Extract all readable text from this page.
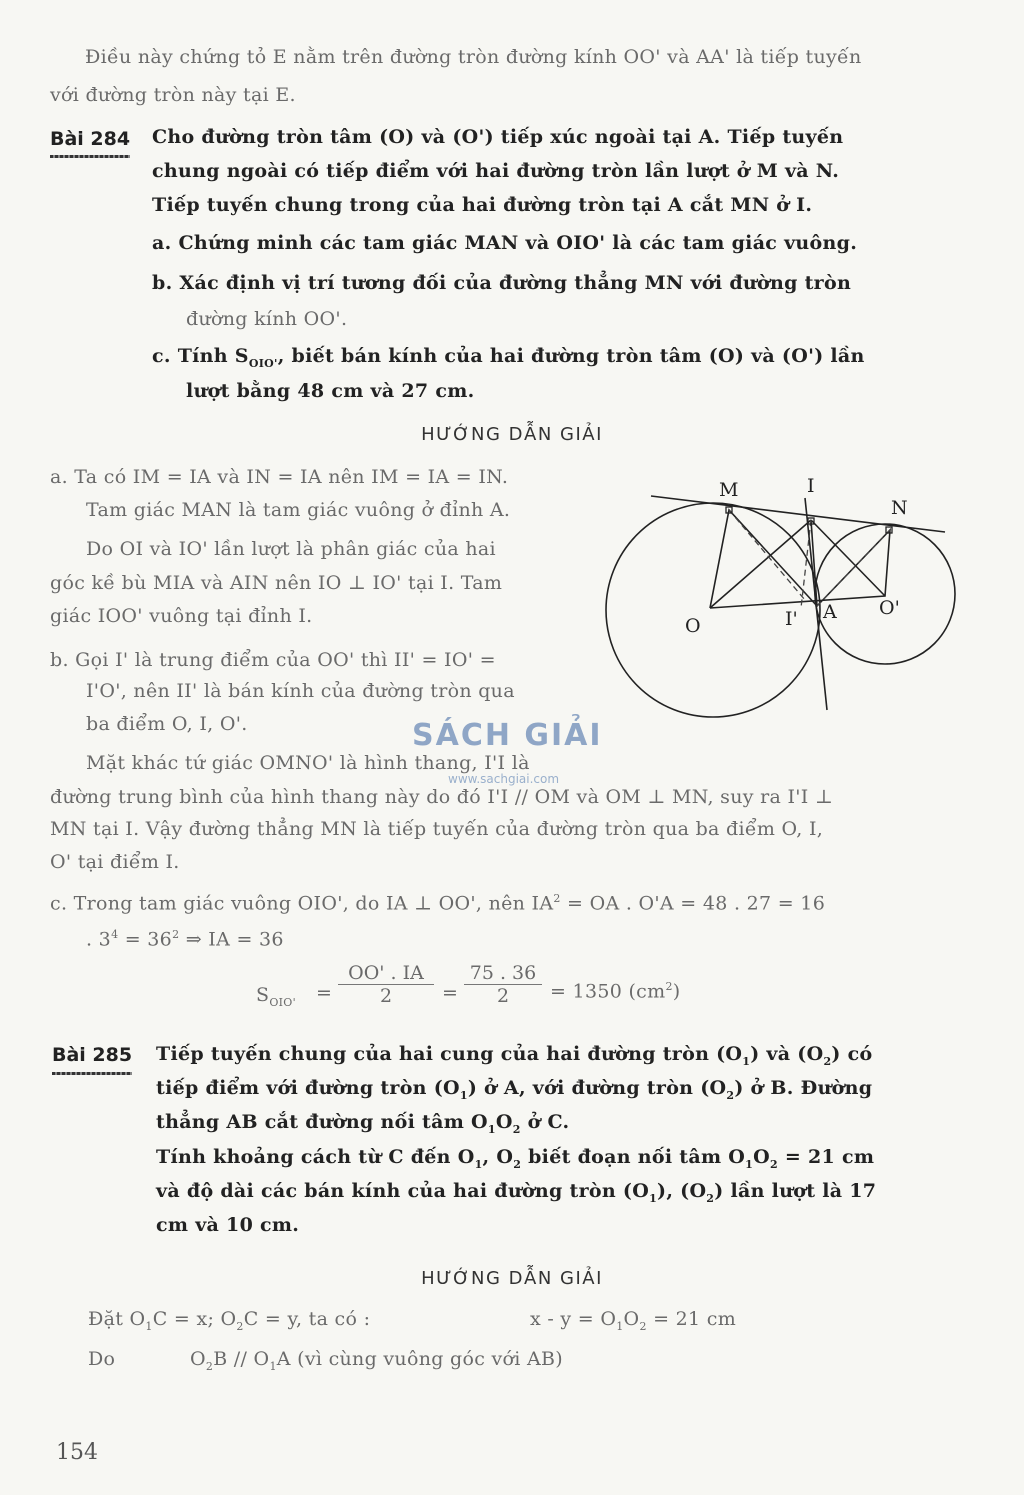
Điều này chứng tỏ E nằm trên đường tròn đường kính OO' và AA' là tiếp tuyến
với đường tròn này tại E.
Bài 284 Cho đường tròn tâm (O) và (O') tiếp xúc ngoài tại A. Tiếp tuyến
chung ngoài có tiếp điểm với hai đường tròn lần lượt ở M và N.
Tiếp tuyến chung trong của hai đường tròn tại A cắt MN ở I.
a. Chứng minh các tam giác MAN và OIO' là các tam giác vuông.
b. Xác định vị trí tương đối của đường thẳng MN với đường tròn
đường kính OO'.
c. Tính $S_{OIO'}$, biết bán kính của hai đường tròn tâm (O) và (O') lần
lượt bằng 48 cm và 27 cm.
HƯỚNG DẪN GIẢI
a. Ta có IM = IA và IN = IA nên IM = IA = IN.
Tam giác MAN là tam giác vuông ở đỉnh A.
Do OI và IO' lần lượt là phân giác của hai
góc kề bù MIA và AIN nên IO ⊥ IO' tại I. Tam
giác IOO' vuông tại đỉnh I.
b. Gọi I' là trung điểm của OO' thì II' = IO' =
I'O', nên II' là bán kính của đường tròn qua
ba điểm O, I, O'.
Mặt khác tứ giác OMNO' là hình thang, I'I là
đường trung bình của hình thang này do đó I'I // OM và OM ⊥ MN, suy ra I'I ⊥
MN tại I. Vậy đường thẳng MN là tiếp tuyến của đường tròn qua ba điểm O, I,
O' tại điểm I.
c. Trong tam giác vuông OIO', do IA ⊥ OO', nên $IA^2$ = OA . O'A = 48 . 27 = 16
. $3^4 = 36^2$ ⇒ IA = 36
$S_{OIO'} = \frac{OO' . IA}{2} = \frac{75 . 36}{2} = 1350$ $(cm^2)$
M	I
N
O	I' A O'
SÁCH GIẢI
www.sachgiai.com
Bài 285 Tiếp tuyến chung của hai cung của hai đường tròn $(O_1)$ và $(O_2)$ có
tiếp điểm với đường tròn $(O_1)$ ở A, với đường tròn $(O_2)$ ở B. Đường
thẳng AB cắt đường nối tâm $O_1O_2$ ở C.
Tính khoảng cách từ C đến $O_1$, $O_2$ biết đoạn nối tâm $O_1O_2 = 21$ cm
và độ dài các bán kính của hai đường tròn $(O_1)$, $(O_2)$ lần lượt là 17
cm và 10 cm.
HƯỚNG DẪN GIẢI
Đặt $O_1C = x$; $O_2C = y$, ta có :	$x - y = O_1O_2 = 21$ cm
Do	$O_2B // O_1A$ (vì cùng vuông góc với AB)
154
